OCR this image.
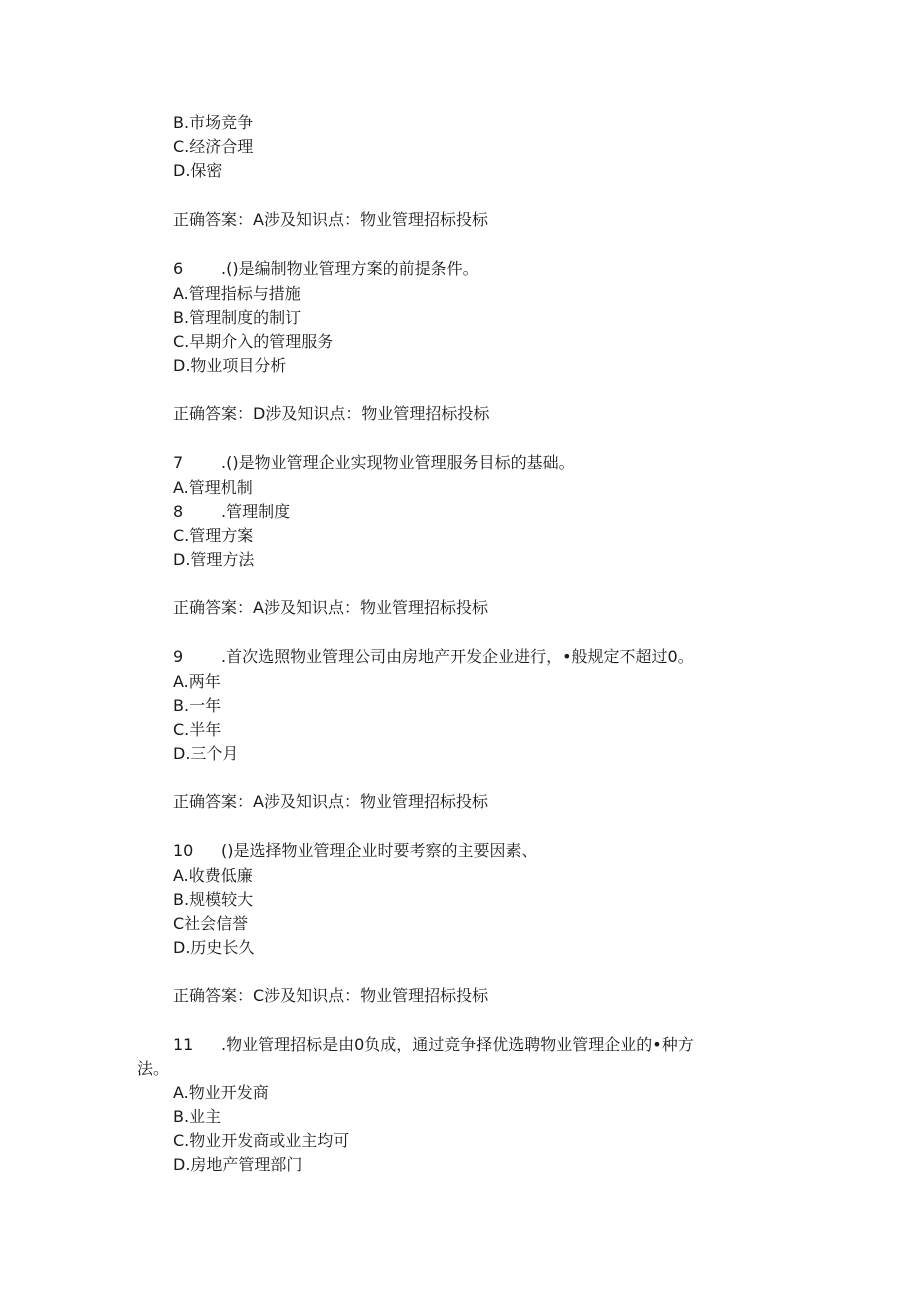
B.市场竞争
C.经济合理
D.保密
正确答案：A涉及知识点：物业管理招标投标
6 .()是编制物业管理方案的前提条件。
A.管理指标与措施
B.管理制度的制订
C.早期介入的管理服务
D.物业项目分析
正确答案：D涉及知识点：物业管理招标投标
7 .()是物业管理企业实现物业管理服务目标的基础。
A.管理机制
8 .管理制度
C.管理方案
D.管理方法
正确答案：A涉及知识点：物业管理招标投标
9 .首次选照物业管理公司由房地产开发企业进行，•般规定不超过0。
A.两年
B.一年
C.半年
D.三个月
正确答案：A涉及知识点：物业管理招标投标
10 ()是选择物业管理企业时要考察的主要因素、
A.收费低廉
B.规模较大
C社会信誉
D.历史长久
正确答案：C涉及知识点：物业管理招标投标
11 .物业管理招标是由0负成，通过竞争择优选聘物业管理企业的•种方
法。
A.物业开发商
B.业主
C.物业开发商或业主均可
D.房地产管理部门
